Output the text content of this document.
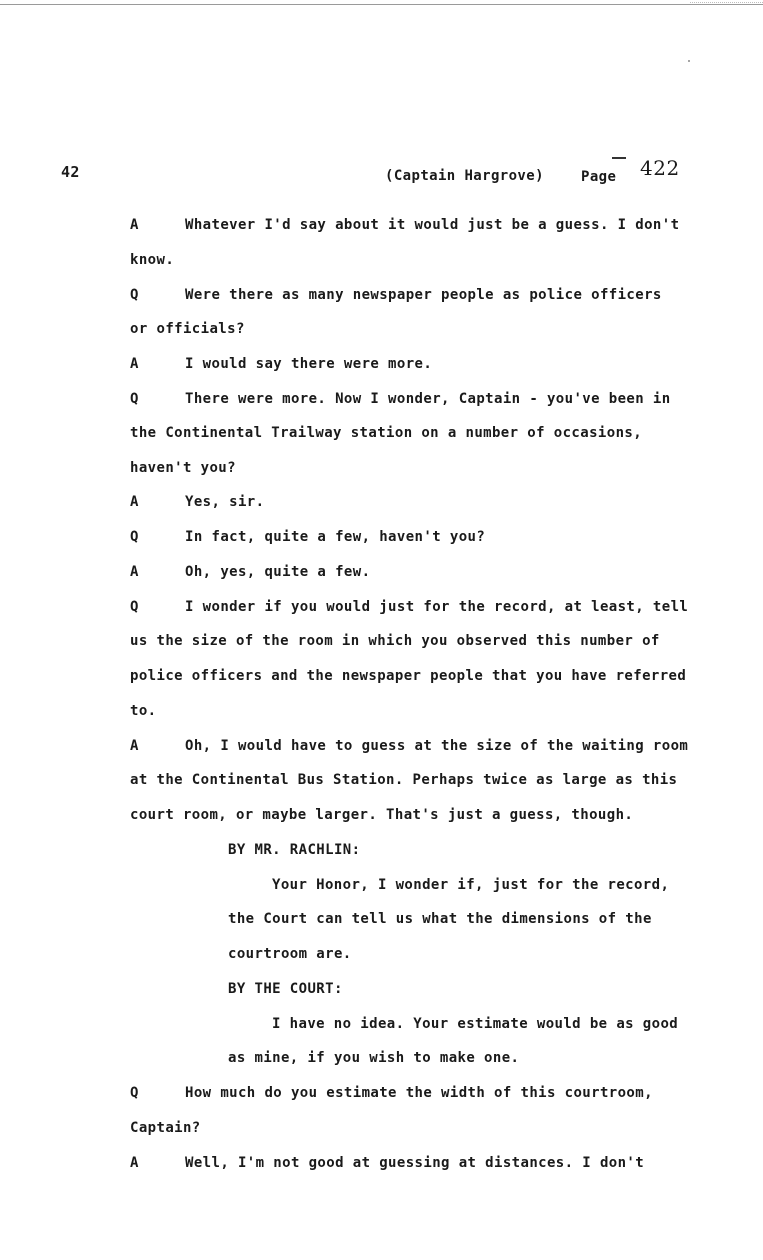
42	(Captain Hargrove)	Page 422
A	Whatever I'd say about it would just be a guess. I don't
know.
Q	Were there as many newspaper people as police officers
or officials?
A	I would say there were more.
Q	There were more. Now I wonder, Captain - you've been in
the Continental Trailway station on a number of occasions,
haven't you?
A	Yes, sir.
Q	In fact, quite a few, haven't you?
A	Oh, yes, quite a few.
Q	I wonder if you would just for the record, at least, tell
us the size of the room in which you observed this number of
police officers and the newspaper people that you have referred
to.
A	Oh, I would have to guess at the size of the waiting room
at the Continental Bus Station. Perhaps twice as large as this
court room, or maybe larger. That's just a guess, though.
BY MR. RACHLIN:
Your Honor, I wonder if, just for the record,
the Court can tell us what the dimensions of the
courtroom are.
BY THE COURT:
I have no idea. Your estimate would be as good
as mine, if you wish to make one.
Q	How much do you estimate the width of this courtroom,
Captain?
A	Well, I'm not good at guessing at distances. I don't
